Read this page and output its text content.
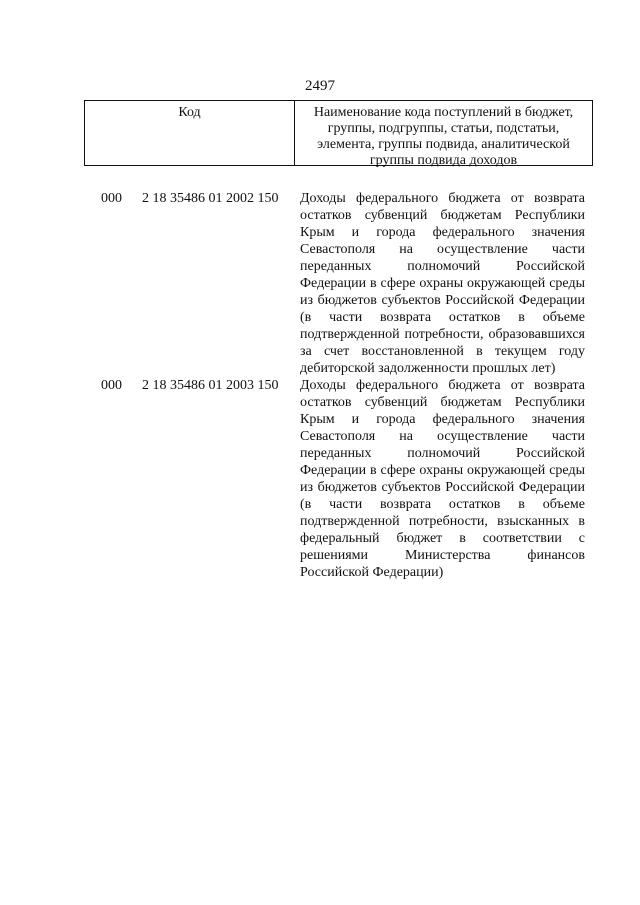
2497
Код	Наименование кода поступлений в бюджет,
группы, подгруппы, статьи, подстатьи,
элемента, группы подвида, аналитической
группы подвида доходов
000 2 18 35486 01 2002 150 Доходы федерального бюджета от возврата остатков субвенций бюджетам Республики Крым и города федерального значения Севастополя на осуществление части переданных полномочий Российской Федерации в сфере охраны окружающей среды из бюджетов субъектов Российской Федерации (в части возврата остатков в объеме подтвержденной потребности, образовавшихся за счет восстановленной в текущем году дебиторской задолженности прошлых лет)
000 2 18 35486 01 2003 150 Доходы федерального бюджета от возврата остатков субвенций бюджетам Республики Крым и города федерального значения Севастополя на осуществление части переданных полномочий Российской Федерации в сфере охраны окружающей среды из бюджетов субъектов Российской Федерации (в части возврата остатков в объеме подтвержденной потребности, взысканных в федеральный бюджет в соответствии с решениями Министерства финансов Российской Федерации)
